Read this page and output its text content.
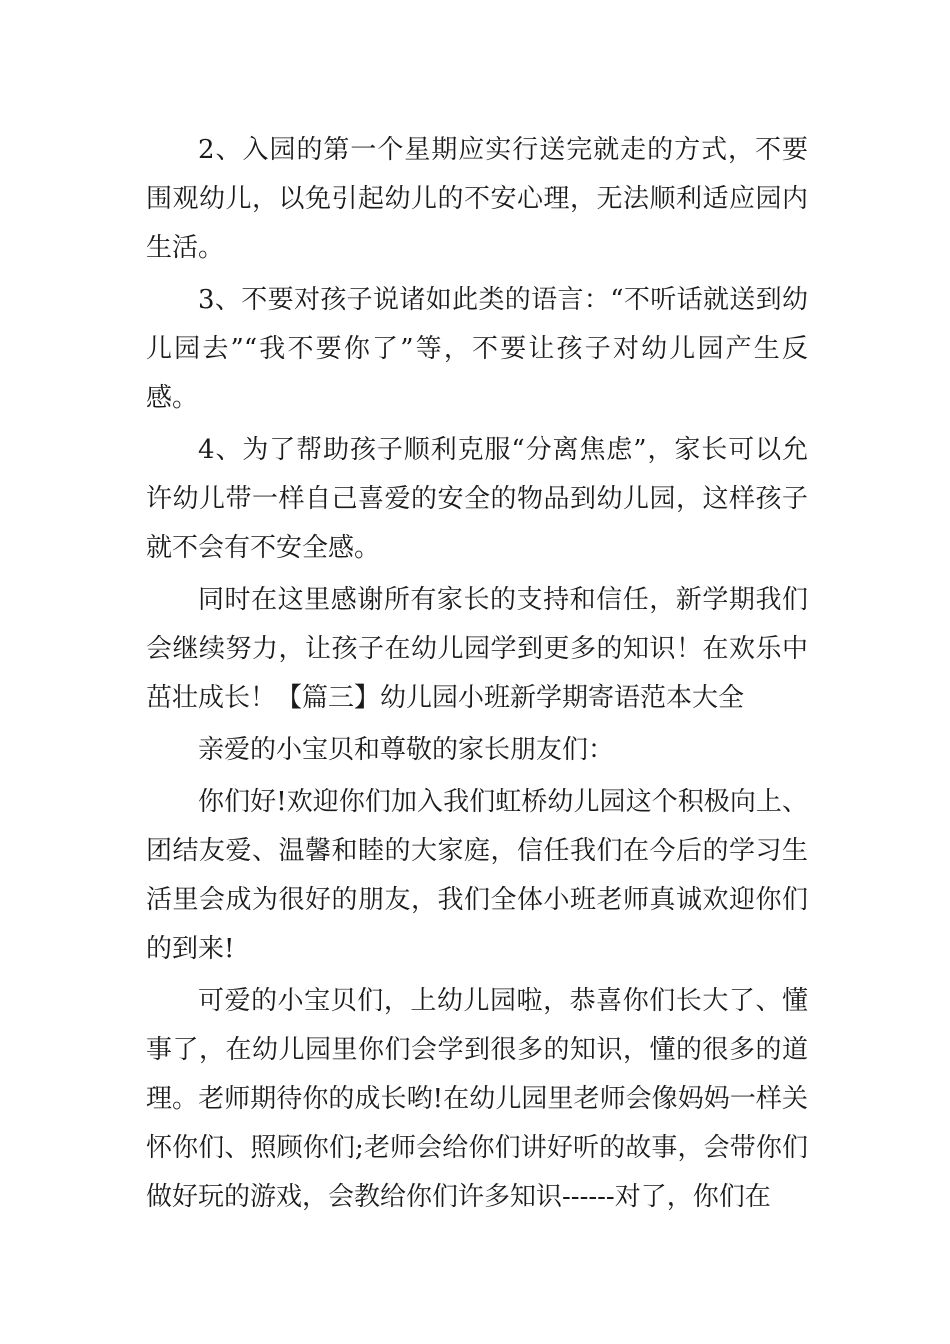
2、入园的第一个星期应实行送完就走的方式，不要围观幼儿，以免引起幼儿的不安心理，无法顺利适应园内生活。

3、不要对孩子说诸如此类的语言：“不听话就送到幼儿园去”“我不要你了”等，不要让孩子对幼儿园产生反感。

4、为了帮助孩子顺利克服“分离焦虑”，家长可以允许幼儿带一样自己喜爱的安全的物品到幼儿园，这样孩子就不会有不安全感。

同时在这里感谢所有家长的支持和信任，新学期我们会继续努力，让孩子在幼儿园学到更多的知识！在欢乐中茁壮成长！【篇三】幼儿园小班新学期寄语范本大全

亲爱的小宝贝和尊敬的家长朋友们：

你们好!欢迎你们加入我们虹桥幼儿园这个积极向上、团结友爱、温馨和睦的大家庭，信任我们在今后的学习生活里会成为很好的朋友，我们全体小班老师真诚欢迎你们的到来!

可爱的小宝贝们，上幼儿园啦，恭喜你们长大了、懂事了，在幼儿园里你们会学到很多的知识，懂的很多的道理。老师期待你的成长哟!在幼儿园里老师会像妈妈一样关怀你们、照顾你们;老师会给你们讲好听的故事，会带你们做好玩的游戏，会教给你们许多知识------对了，你们在
